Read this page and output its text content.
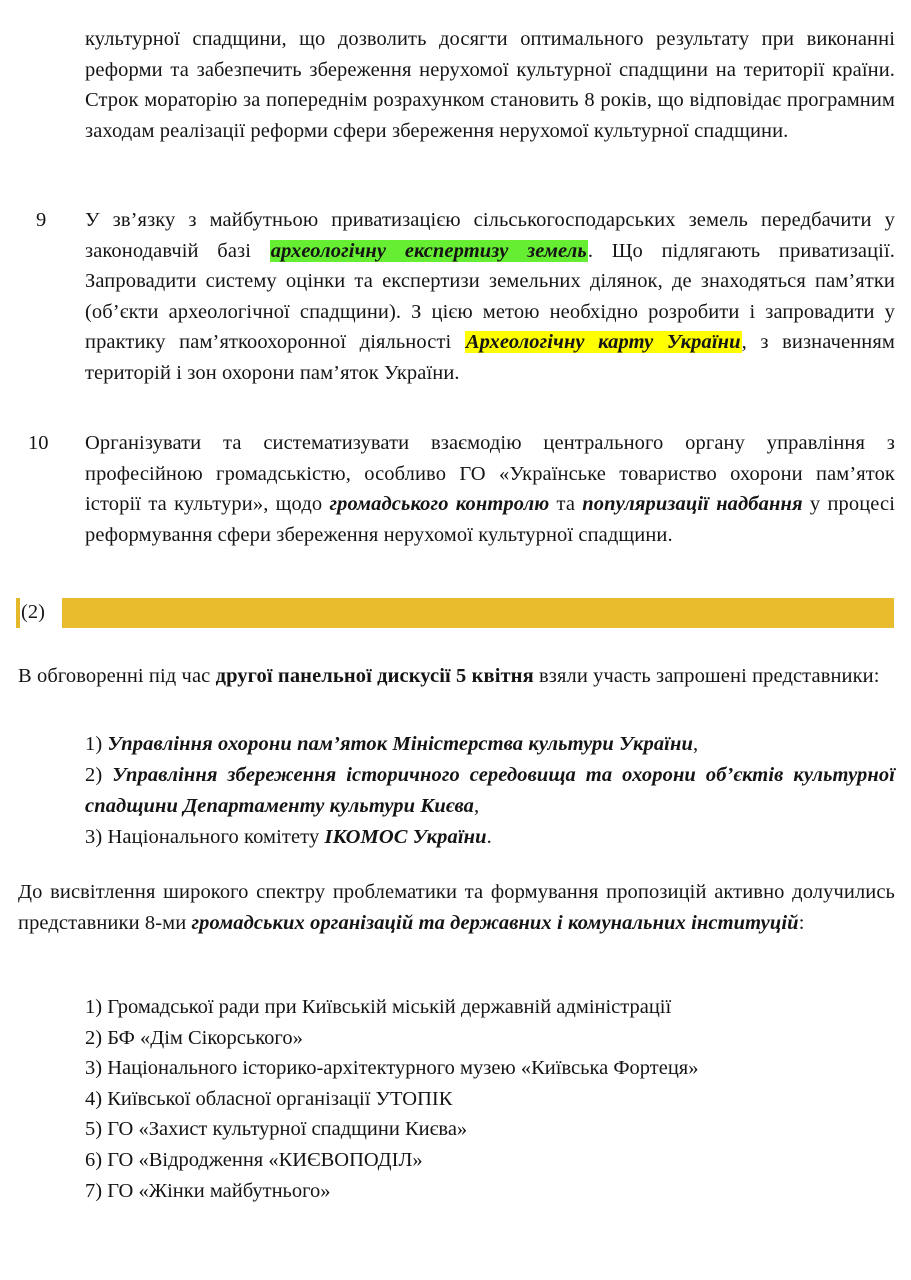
культурної спадщини, що дозволить досягти оптимального результату при виконанні реформи та забезпечить збереження нерухомої культурної спадщини на території країни. Строк мораторію за попереднім розрахунком становить 8 років, що відповідає програмним заходам реалізації реформи сфери збереження нерухомої культурної спадщини.
9	У зв’язку з майбутньою приватизацією сільськогосподарських земель передбачити у законодавчій базі археологічну експертизу земель. Що підлягають приватизації. Запровадити систему оцінки та експертизи земельних ділянок, де знаходяться пам’ятки (об’єкти археологічної спадщини). З цією метою необхідно розробити і запровадити у практику пам’яткоохоронної діяльності Археологічну карту України, з визначенням територій і зон охорони пам’яток України.
10	Організувати та систематизувати взаємодію центрального органу управління з професійною громадськістю, особливо ГО «Українське товариство охорони пам’яток історії та культури», щодо громадського контролю та популяризації надбання у процесі реформування сфери збереження нерухомої культурної спадщини.
(2)
В обговоренні під час другої панельної дискусії 5 квітня взяли участь запрошені представники:
1) Управління охорони пам’яток Міністерства культури України,
2) Управління збереження історичного середовища та охорони об’єктів культурної спадщини Департаменту культури Києва,
3) Національного комітету ІКОМОС України.
До висвітлення широкого спектру проблематики та формування пропозицій активно долучились представники 8-ми громадських організацій та державних і комунальних інституцій:
1) Громадської ради при Київській міській державній адміністрації
2) БФ «Дім Сікорського»
3) Національного історико-архітектурного музею «Київська Фортеця»
4) Київської обласної організації УТОПІК
5) ГО «Захист культурної спадщини Києва»
6) ГО «Відродження «КИЄВОПОДІЛ»
7) ГО «Жінки майбутнього»
